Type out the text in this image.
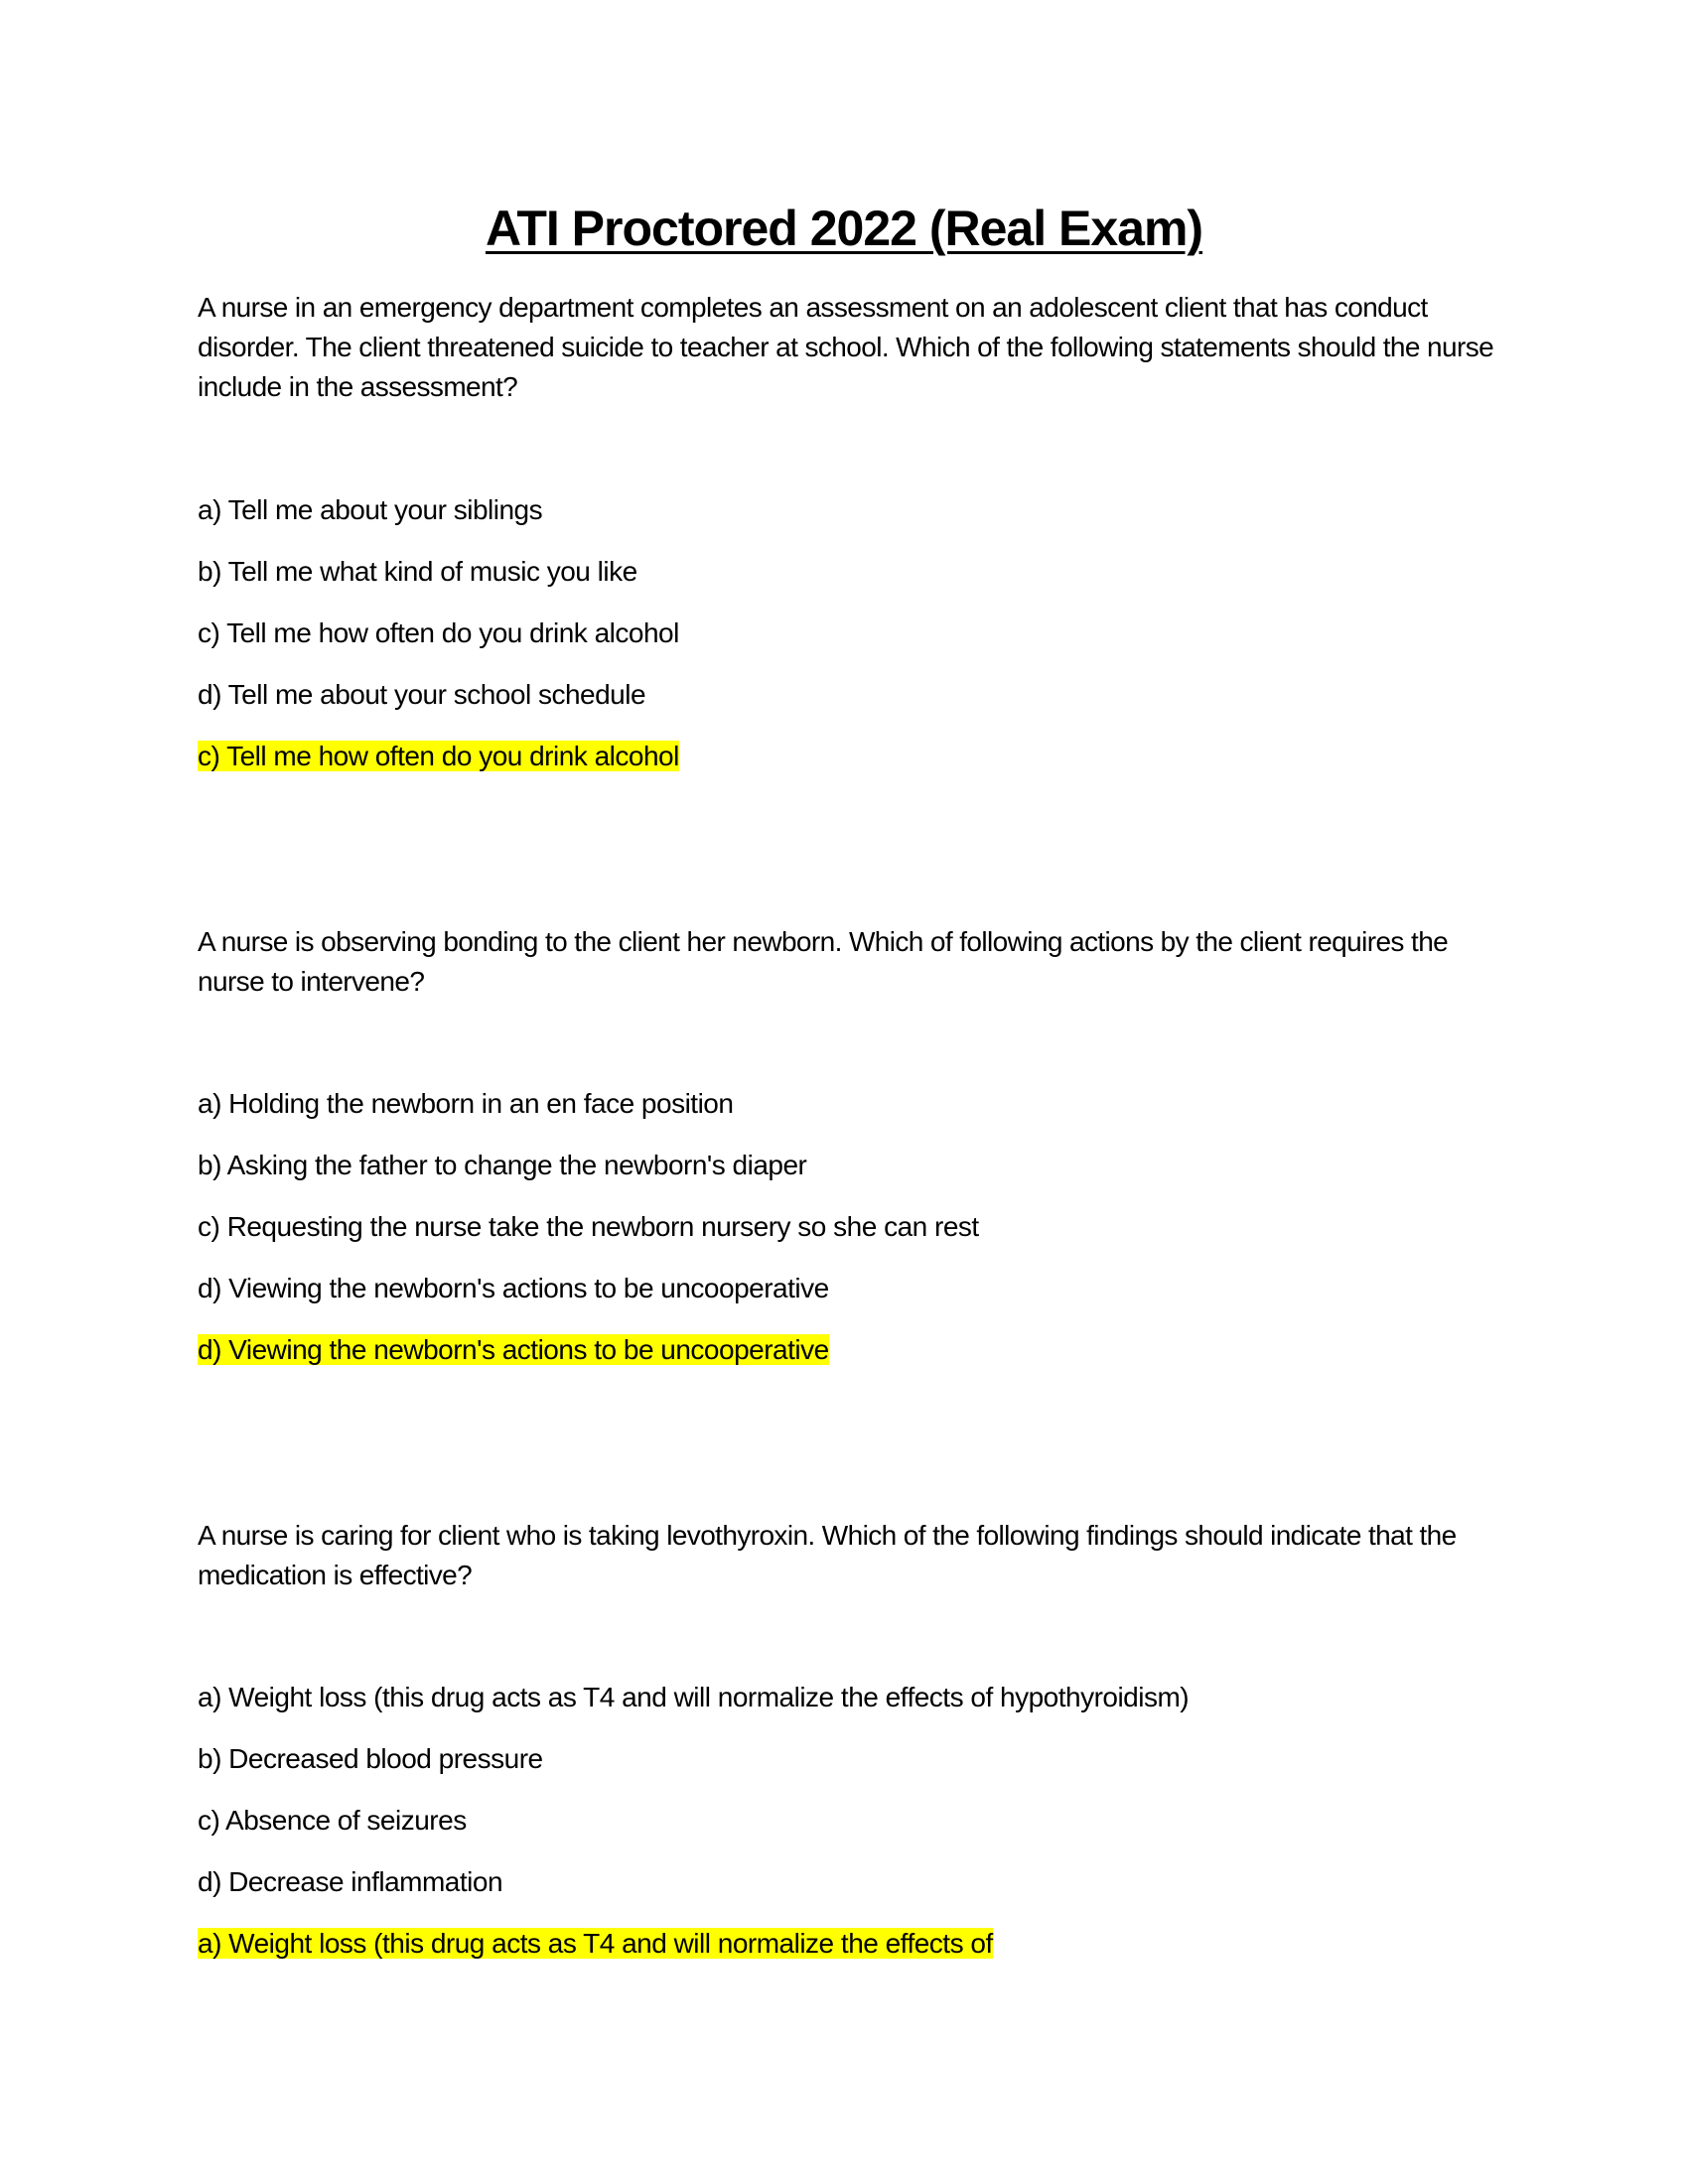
ATI Proctored 2022 (Real Exam)

A nurse in an emergency department completes an assessment on an adolescent client that has conduct disorder. The client threatened suicide to teacher at school. Which of the following statements should the nurse include in the assessment?

a) Tell me about your siblings

b) Tell me what kind of music you like

c) Tell me how often do you drink alcohol

d) Tell me about your school schedule

c) Tell me how often do you drink alcohol

A nurse is observing bonding to the client her newborn. Which of following actions by the client requires the nurse to intervene?

a) Holding the newborn in an en face position

b) Asking the father to change the newborn's diaper

c) Requesting the nurse take the newborn nursery so she can rest

d) Viewing the newborn's actions to be uncooperative

d) Viewing the newborn's actions to be uncooperative

A nurse is caring for client who is taking levothyroxin. Which of the following findings should indicate that the medication is effective?

a) Weight loss (this drug acts as T4 and will normalize the effects of hypothyroidism)

b) Decreased blood pressure

c) Absence of seizures

d) Decrease inflammation

a) Weight loss (this drug acts as T4 and will normalize the effects of
